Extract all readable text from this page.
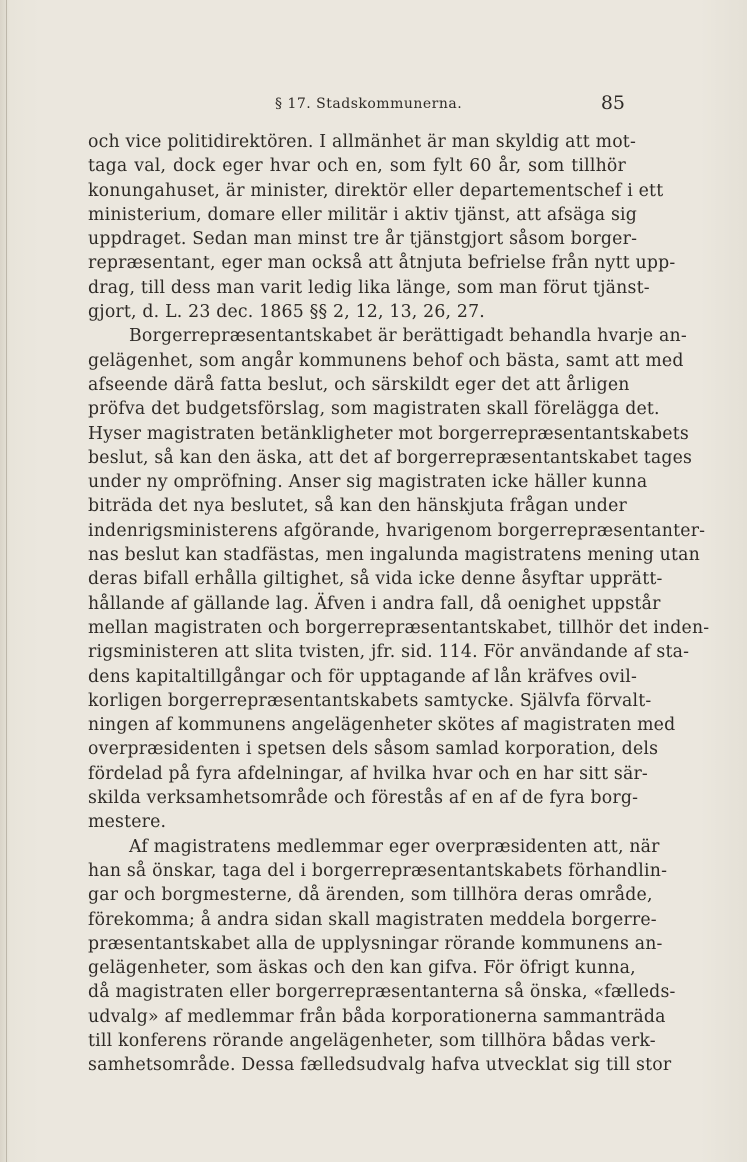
§ 17. Stadskommunerna.	85
och vice politidirektören. I allmänhet är man skyldig att mot-
taga val, dock eger hvar och en, som fylt 60 år, som tillhör
konungahuset, är minister, direktör eller departementschef i ett
ministerium, domare eller militär i aktiv tjänst, att afsäga sig
uppdraget. Sedan man minst tre år tjänstgjort såsom borger-
repræsentant, eger man också att åtnjuta befrielse från nytt upp-
drag, till dess man varit ledig lika länge, som man förut tjänst-
gjort, d. L. 23 dec. 1865 §§ 2, 12, 13, 26, 27.
Borgerrepræsentantskabet är berättigadt behandla hvarje an-
gelägenhet, som angår kommunens behof och bästa, samt att med
afseende därå fatta beslut, och särskildt eger det att årligen
pröfva det budgetsförslag, som magistraten skall förelägga det.
Hyser magistraten betänkligheter mot borgerrepræsentantskabets
beslut, så kan den äska, att det af borgerrepræsentantskabet tages
under ny ompröfning. Anser sig magistraten icke häller kunna
biträda det nya beslutet, så kan den hänskjuta frågan under
indenrigsministerens afgörande, hvarigenom borgerrepræsentanter-
nas beslut kan stadfästas, men ingalunda magistratens mening utan
deras bifall erhålla giltighet, så vida icke denne åsyftar upprätt-
hållande af gällande lag. Äfven i andra fall, då oenighet uppstår
mellan magistraten och borgerrepræsentantskabet, tillhör det inden-
rigsministeren att slita tvisten, jfr. sid. 114. För användande af sta-
dens kapitaltillgångar och för upptagande af lån kräfves ovil-
korligen borgerrepræsentantskabets samtycke. Självfa förvalt-
ningen af kommunens angelägenheter skötes af magistraten med
overpræsidenten i spetsen dels såsom samlad korporation, dels
fördelad på fyra afdelningar, af hvilka hvar och en har sitt sär-
skilda verksamhetsområde och förestås af en af de fyra borg-
mestere.
Af magistratens medlemmar eger overpræsidenten att, när
han så önskar, taga del i borgerrepræsentantskabets förhandlin-
gar och borgmesterne, då ärenden, som tillhöra deras område,
förekomma; å andra sidan skall magistraten meddela borgerre-
præsentantskabet alla de upplysningar rörande kommunens an-
gelägenheter, som äskas och den kan gifva. För öfrigt kunna,
då magistraten eller borgerrepræsentanterna så önska, «fælleds-
udvalg» af medlemmar från båda korporationerna sammanträda
till konferens rörande angelägenheter, som tillhöra bådas verk-
samhetsområde. Dessa fælledsudvalg hafva utvecklat sig till stor
